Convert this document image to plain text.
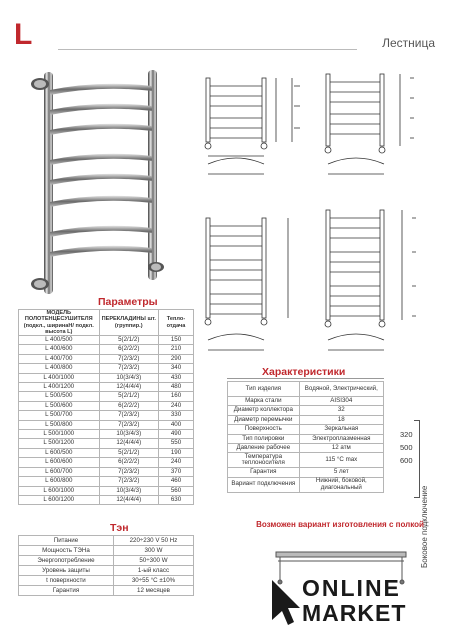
L	Лестница
Параметры
МОДЕЛЬ ПОЛОТЕНЦЕСУШИТЕЛЯ (подкл., ширинаН/ подкл. высота L)	ПЕРЕКЛАДИНЫ шт. (группир.)	Тепло-отдача
L 400/500	5(2/1/2)	150
L 400/600	6(2/2/2)	210
L 400/700	7(2/3/2)	290
L 400/800	7(2/3/2)	340
L 400/1000	10(3/4/3)	430
L 400/1200	12(4/4/4)	480
L 500/500	5(2/1/2)	160
L 500/600	6(2/2/2)	240
L 500/700	7(2/3/2)	330
L 500/800	7(2/3/2)	400
L 500/1000	10(3/4/3)	490
L 500/1200	12(4/4/4)	550
L 600/500	5(2/1/2)	190
L 600/600	6(2/2/2)	240
L 600/700	7(2/3/2)	370
L 600/800	7(2/3/2)	460
L 600/1000	10(3/4/3)	560
L 600/1200	12(4/4/4)	630
Характеристики
Тип изделия	Водяной, Электрический,
Марка стали	AISI304
Диаметр коллектора	32
Диаметр перемычки	18
Поверхность	Зеркальная
Тип полировки	Электроплазменная
Давление рабочее	12 атм
Температура теплоносителя	115 °C max
Гарантия	5 лет
Вариант подключения	Нижний, боковой, диагональный
320
500
600
Боковое подключение
Тэн
Питание	220÷230 V 50 Hz
Мощность ТЭНа	300 W
Энергопотребление	50÷300 W
Уровень защиты	1-ый класс
t поверхности	30÷55 °C ±10%
Гарантия	12 месяцев
Возможен вариант изготовления с полкой
ONLINE
MARKET
